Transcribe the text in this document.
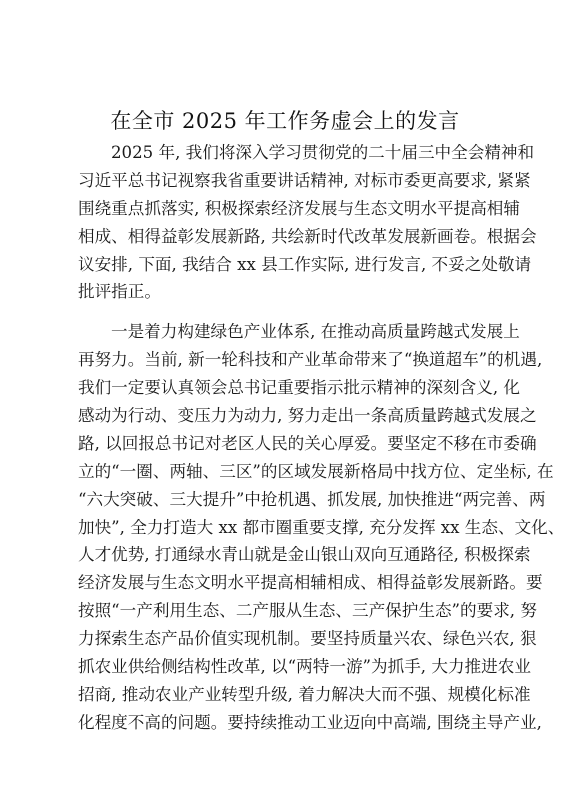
在全市 2025 年工作务虚会上的发言
2025 年, 我们将深入学习贯彻党的二十届三中全会精神和
习近平总书记视察我省重要讲话精神, 对标市委更高要求, 紧紧
围绕重点抓落实, 积极探索经济发展与生态文明水平提高相辅
相成、相得益彰发展新路, 共绘新时代改革发展新画卷。根据会
议安排, 下面, 我结合 xx 县工作实际, 进行发言, 不妥之处敬请
批评指正。
一是着力构建绿色产业体系, 在推动高质量跨越式发展上
再努力。当前, 新一轮科技和产业革命带来了“换道超车”的机遇,
我们一定要认真领会总书记重要指示批示精神的深刻含义, 化
感动为行动、变压力为动力, 努力走出一条高质量跨越式发展之
路, 以回报总书记对老区人民的关心厚爱。要坚定不移在市委确
立的“一圈、两轴、三区”的区域发展新格局中找方位、定坐标, 在
“六大突破、三大提升”中抢机遇、抓发展, 加快推进“两完善、两
加快”, 全力打造大 xx 都市圈重要支撑, 充分发挥 xx 生态、文化、
人才优势, 打通绿水青山就是金山银山双向互通路径, 积极探索
经济发展与生态文明水平提高相辅相成、相得益彰发展新路。要
按照“一产利用生态、二产服从生态、三产保护生态”的要求, 努
力探索生态产品价值实现机制。要坚持质量兴农、绿色兴农, 狠
抓农业供给侧结构性改革, 以“两特一游”为抓手, 大力推进农业
招商, 推动农业产业转型升级, 着力解决大而不强、规模化标准
化程度不高的问题。要持续推动工业迈向中高端, 围绕主导产业,
